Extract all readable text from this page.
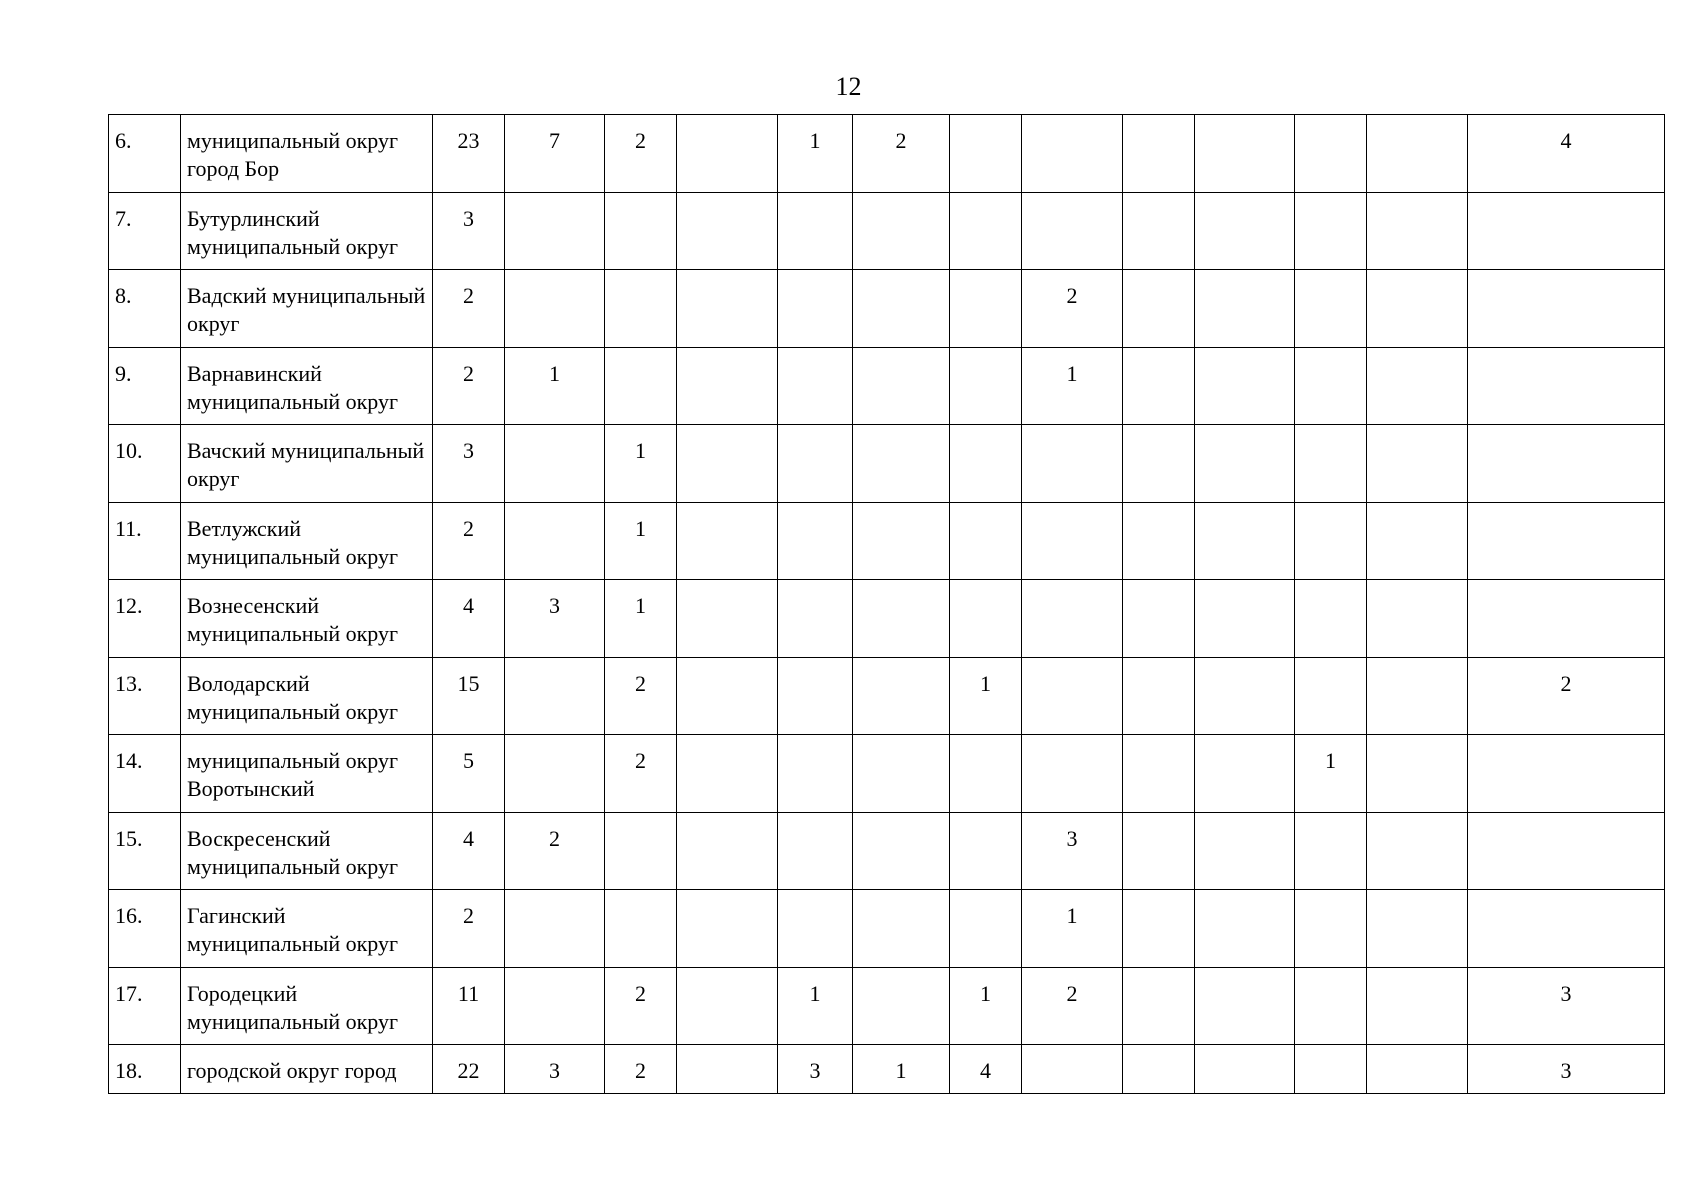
12
6.	муниципальный округ город Бор	23	7	2		1	2							4
7.	Бутурлинский муниципальный округ	3												
8.	Вадский муниципальный округ	2							2					
9.	Варнавинский муниципальный округ	2	1						1					
10.	Вачский муниципальный округ	3		1										
11.	Ветлужский муниципальный округ	2		1										
12.	Вознесенский муниципальный округ	4	3	1										
13.	Володарский муниципальный округ	15		2				1						2
14.	муниципальный округ Воротынский	5		2								1		
15.	Воскресенский муниципальный округ	4	2						3					
16.	Гагинский муниципальный округ	2							1					
17.	Городецкий муниципальный округ	11		2		1		1	2					3
18.	городской округ город	22	3	2		3	1	4						3
